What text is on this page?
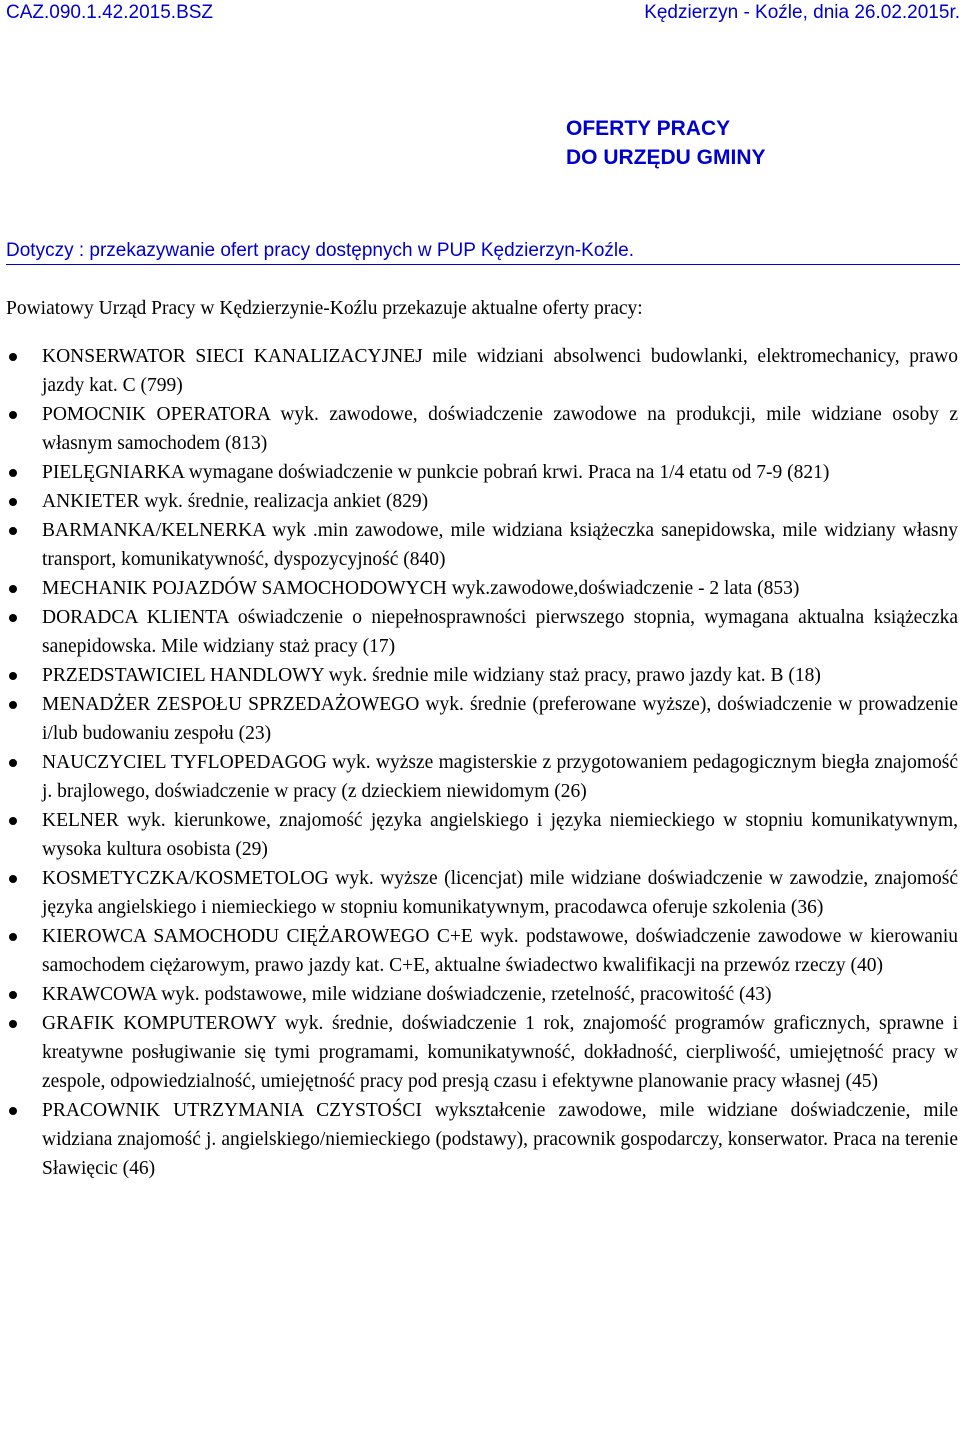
CAZ.090.1.42.2015.BSZ	Kędzierzyn - Koźle, dnia 26.02.2015r.
OFERTY PRACY
DO URZĘDU GMINY
Dotyczy : przekazywanie ofert pracy dostępnych w PUP Kędzierzyn-Koźle.
Powiatowy Urząd Pracy w Kędzierzynie-Koźlu przekazuje aktualne oferty pracy:
KONSERWATOR SIECI KANALIZACYJNEJ mile widziani absolwenci budowlanki, elektromechanicy, prawo jazdy kat. C (799)
POMOCNIK OPERATORA wyk. zawodowe, doświadczenie zawodowe na produkcji, mile widziane osoby z własnym samochodem (813)
PIELĘGNIARKA wymagane doświadczenie w punkcie pobrań krwi. Praca na 1/4 etatu od 7-9 (821)
ANKIETER wyk. średnie, realizacja ankiet (829)
BARMANKA/KELNERKA wyk .min zawodowe, mile widziana książeczka sanepidowska, mile widziany własny transport, komunikatywność, dyspozycyjność (840)
MECHANIK POJAZDÓW SAMOCHODOWYCH wyk.zawodowe,doświadczenie - 2 lata (853)
DORADCA KLIENTA oświadczenie o niepełnosprawności pierwszego stopnia, wymagana aktualna książeczka sanepidowska. Mile widziany staż pracy (17)
PRZEDSTAWICIEL HANDLOWY wyk. średnie mile widziany staż pracy, prawo jazdy kat. B (18)
MENADŻER ZESPOŁU SPRZEDAŻOWEGO wyk. średnie (preferowane wyższe), doświadczenie w prowadzenie i/lub budowaniu zespołu (23)
NAUCZYCIEL TYFLOPEDAGOG wyk. wyższe magisterskie z przygotowaniem pedagogicznym biegła znajomość j. brajlowego, doświadczenie w pracy (z dzieckiem niewidomym (26)
KELNER wyk. kierunkowe, znajomość języka angielskiego i języka niemieckiego w stopniu komunikatywnym, wysoka kultura osobista (29)
KOSMETYCZKA/KOSMETOLOG wyk. wyższe (licencjat) mile widziane doświadczenie w zawodzie, znajomość języka angielskiego i niemieckiego w stopniu komunikatywnym, pracodawca oferuje szkolenia (36)
KIEROWCA SAMOCHODU CIĘŻAROWEGO C+E wyk. podstawowe, doświadczenie zawodowe w kierowaniu samochodem ciężarowym, prawo jazdy kat. C+E, aktualne świadectwo kwalifikacji na przewóz rzeczy (40)
KRAWCOWA wyk. podstawowe, mile widziane doświadczenie, rzetelność, pracowitość (43)
GRAFIK KOMPUTEROWY wyk. średnie, doświadczenie 1 rok, znajomość programów graficznych, sprawne i kreatywne posługiwanie się tymi programami, komunikatywność, dokładność, cierpliwość, umiejętność pracy w zespole, odpowiedzialność, umiejętność pracy pod presją czasu i efektywne planowanie pracy własnej (45)
PRACOWNIK UTRZYMANIA CZYSTOŚCI wykształcenie zawodowe, mile widziane doświadczenie, mile widziana znajomość j. angielskiego/niemieckiego (podstawy), pracownik gospodarczy, konserwator. Praca na terenie Sławięcic (46)
